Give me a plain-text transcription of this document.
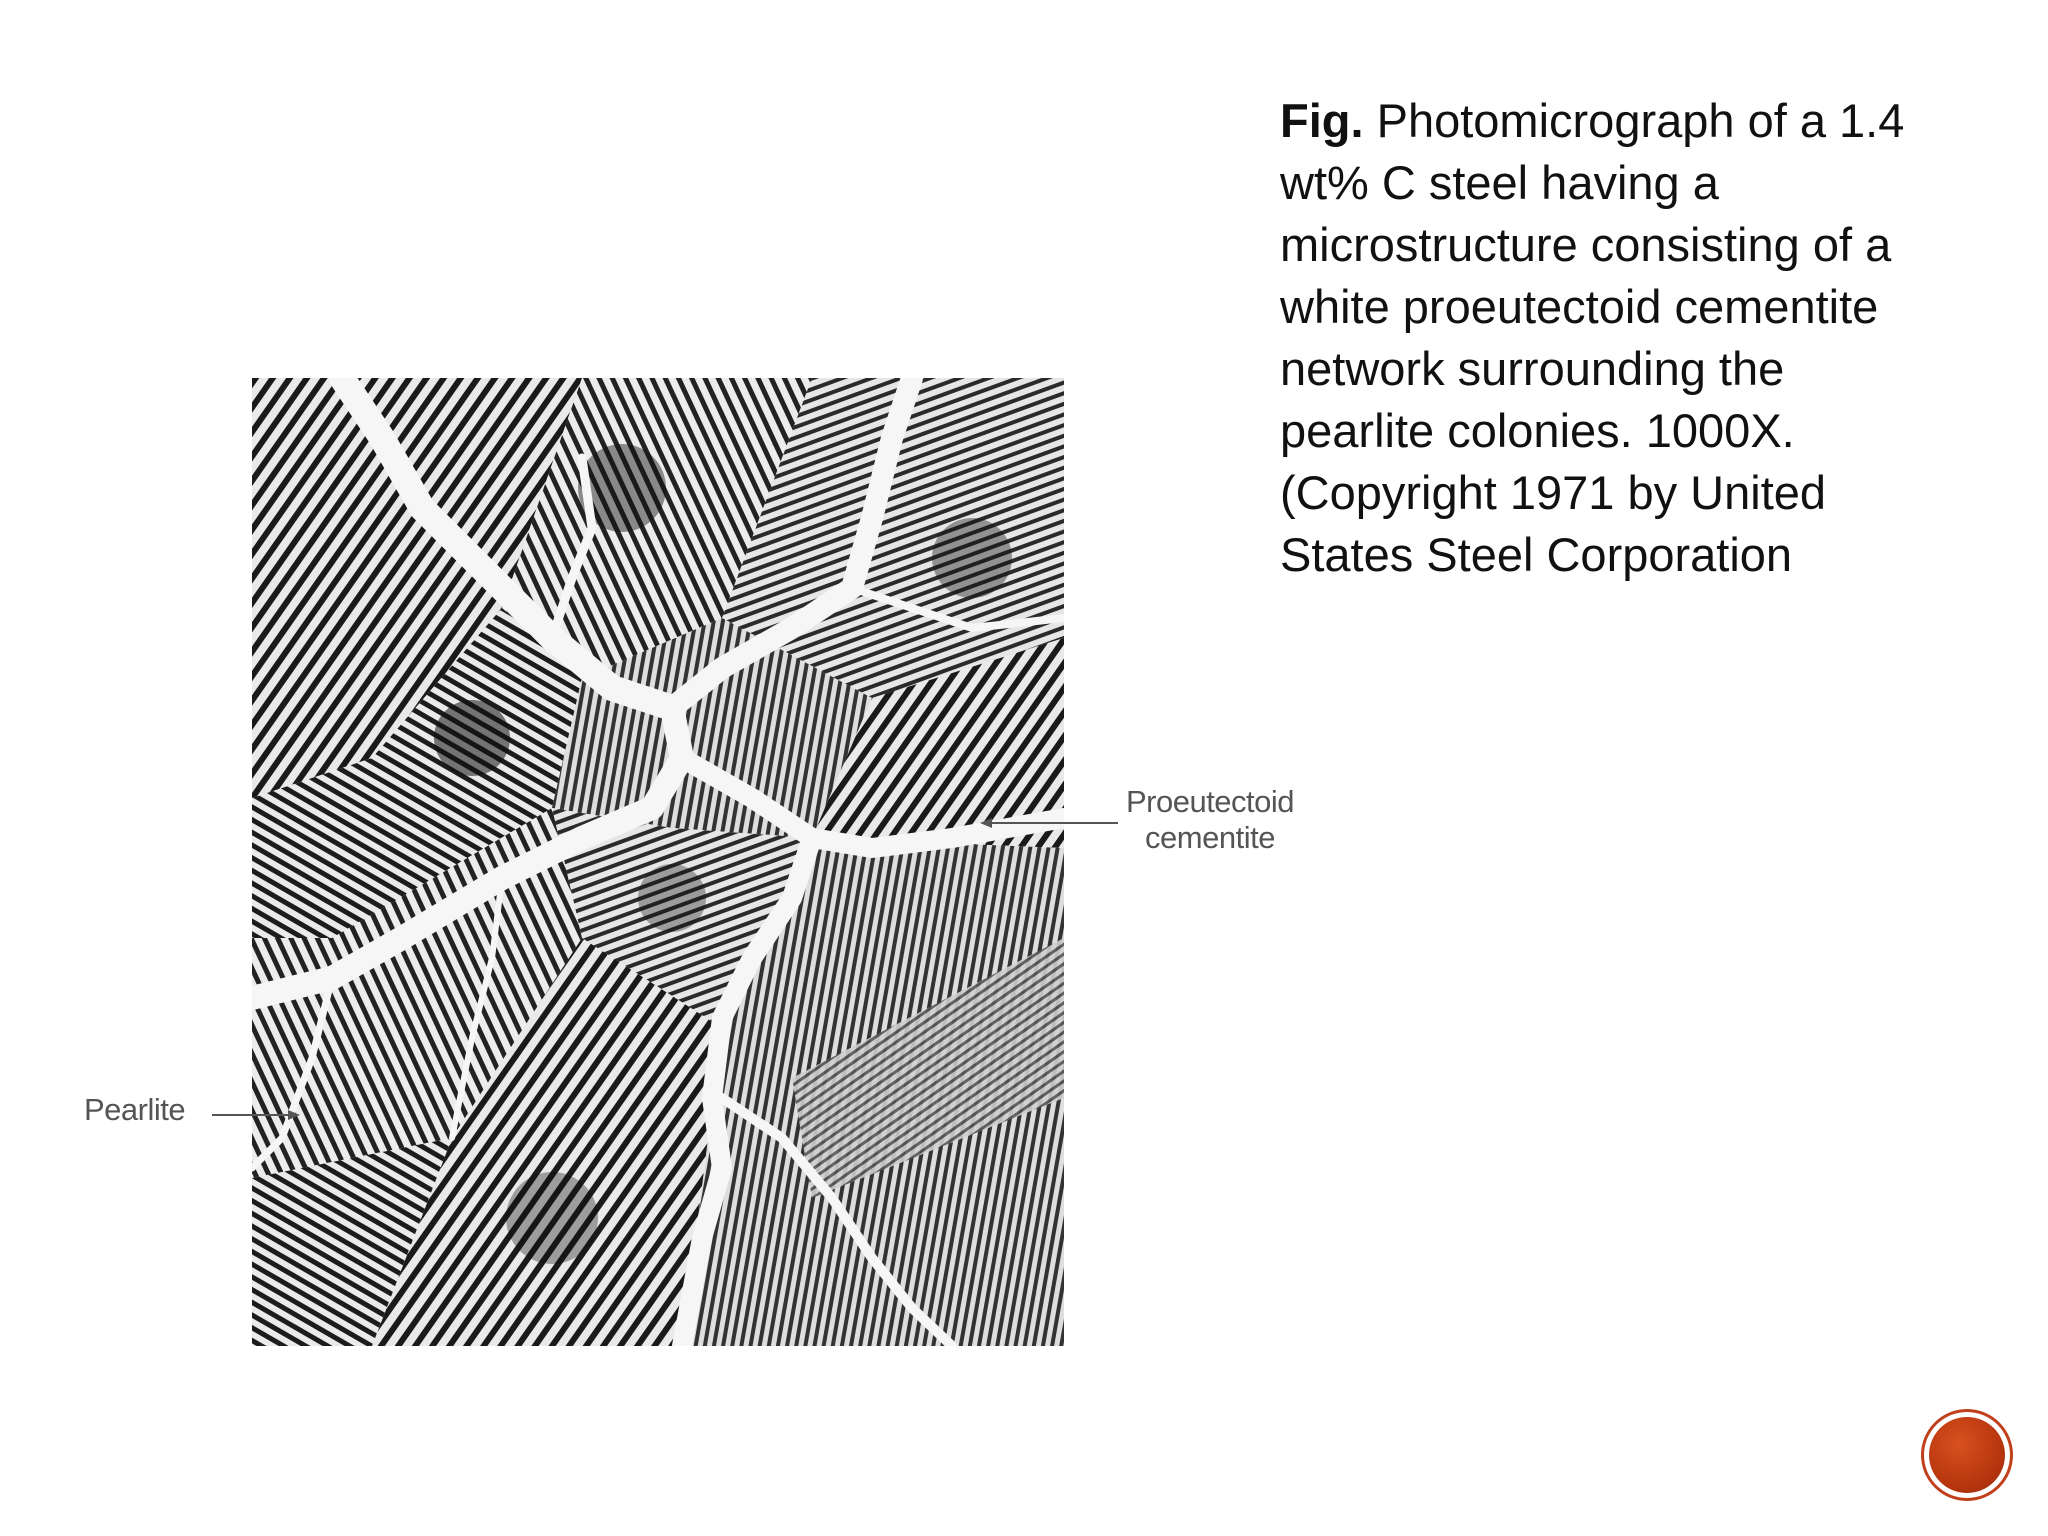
Pearlite
Proeutectoid
cementite
Fig. Photomicrograph of a 1.4 wt% C steel having a microstructure consisting of a white proeutectoid cementite network surrounding the pearlite colonies. 1000X. (Copyright 1971 by United States Steel Corporation
